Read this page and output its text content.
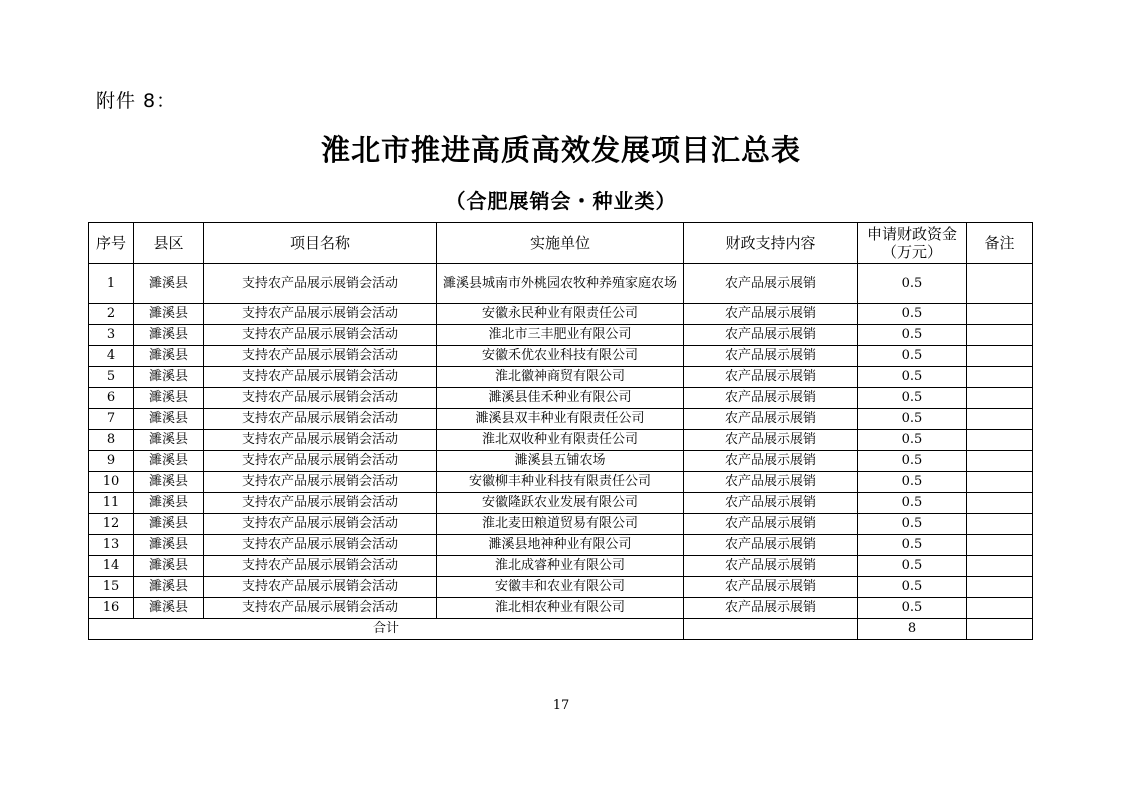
附件 8：
淮北市推进高质高效发展项目汇总表
（合肥展销会・种业类）
序号	县区	项目名称	实施单位	财政支持内容	申请财政资金（万元）	备注
1	濉溪县	支持农产品展示展销会活动	濉溪县城南市外桃园农牧种养殖家庭农场	农产品展示展销	0.5	
2	濉溪县	支持农产品展示展销会活动	安徽永民种业有限责任公司	农产品展示展销	0.5	
3	濉溪县	支持农产品展示展销会活动	淮北市三丰肥业有限公司	农产品展示展销	0.5	
4	濉溪县	支持农产品展示展销会活动	安徽禾优农业科技有限公司	农产品展示展销	0.5	
5	濉溪县	支持农产品展示展销会活动	淮北徽神商贸有限公司	农产品展示展销	0.5	
6	濉溪县	支持农产品展示展销会活动	濉溪县佳禾种业有限公司	农产品展示展销	0.5	
7	濉溪县	支持农产品展示展销会活动	濉溪县双丰种业有限责任公司	农产品展示展销	0.5	
8	濉溪县	支持农产品展示展销会活动	淮北双收种业有限责任公司	农产品展示展销	0.5	
9	濉溪县	支持农产品展示展销会活动	濉溪县五铺农场	农产品展示展销	0.5	
10	濉溪县	支持农产品展示展销会活动	安徽柳丰种业科技有限责任公司	农产品展示展销	0.5	
11	濉溪县	支持农产品展示展销会活动	安徽隆跃农业发展有限公司	农产品展示展销	0.5	
12	濉溪县	支持农产品展示展销会活动	淮北麦田粮道贸易有限公司	农产品展示展销	0.5	
13	濉溪县	支持农产品展示展销会活动	濉溪县地神种业有限公司	农产品展示展销	0.5	
14	濉溪县	支持农产品展示展销会活动	淮北成睿种业有限公司	农产品展示展销	0.5	
15	濉溪县	支持农产品展示展销会活动	安徽丰和农业有限公司	农产品展示展销	0.5	
16	濉溪县	支持农产品展示展销会活动	淮北相农种业有限公司	农产品展示展销	0.5	
合计					8	
17
